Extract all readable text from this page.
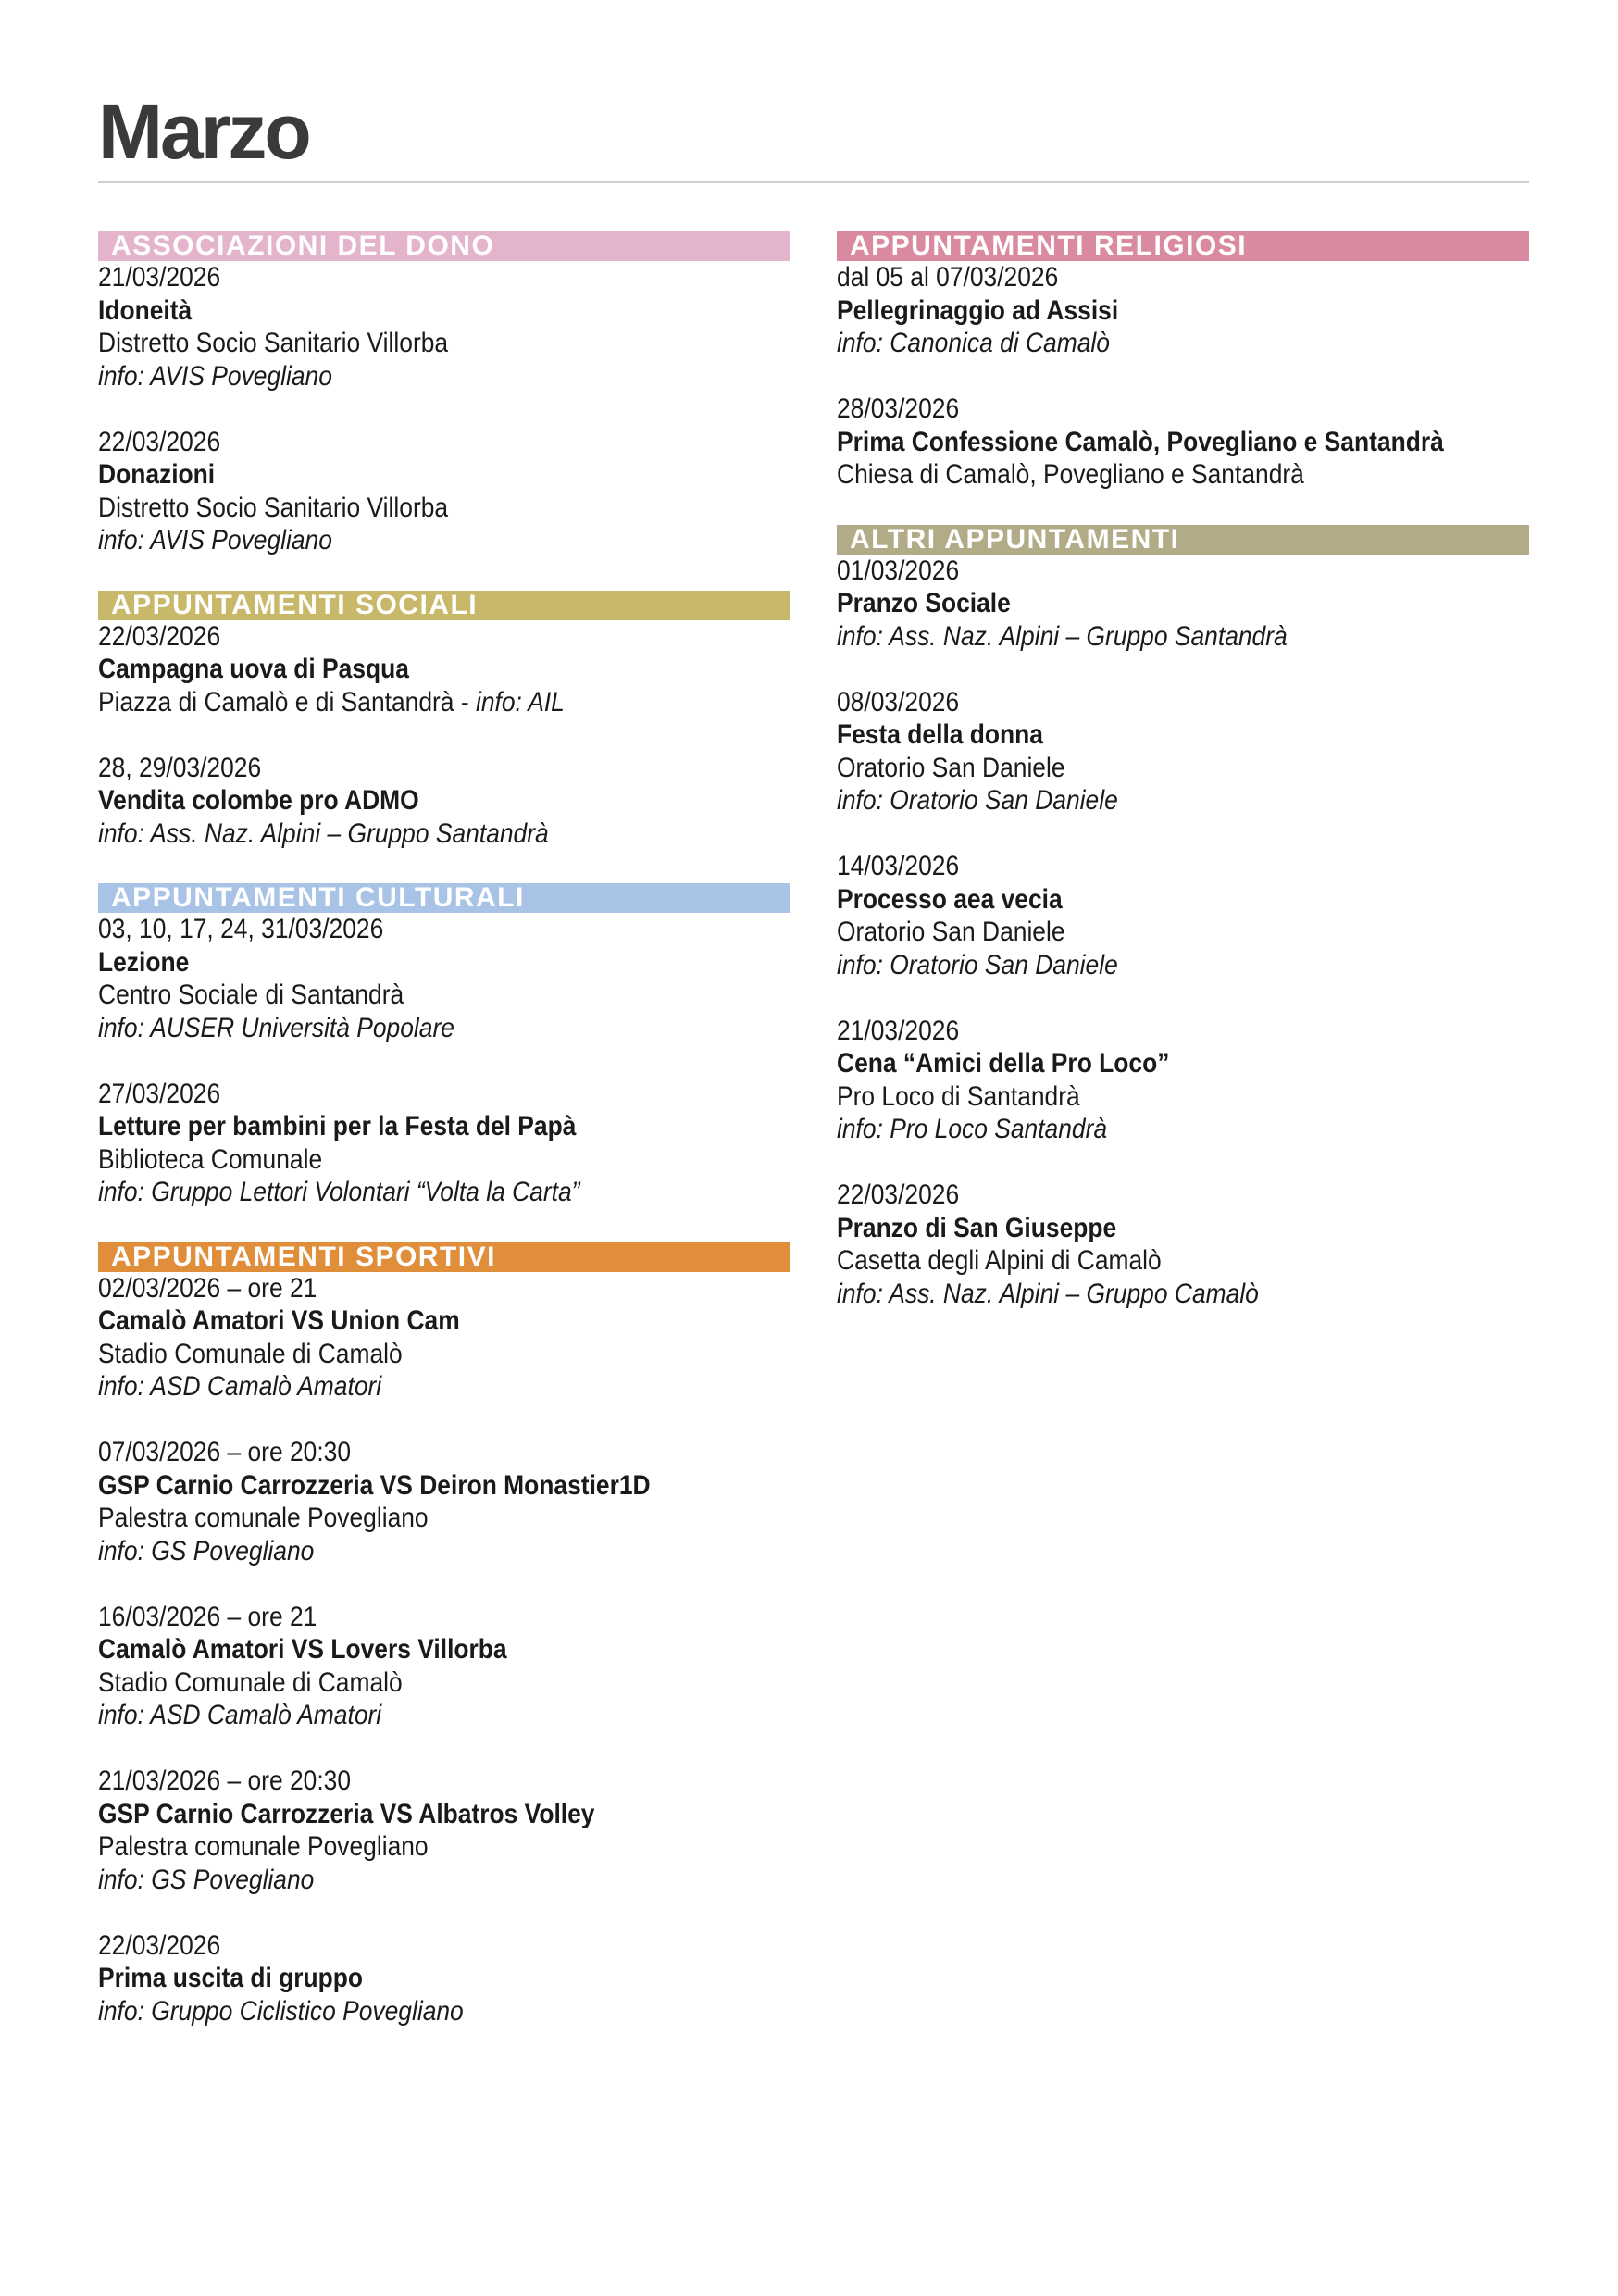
Marzo
ASSOCIAZIONI DEL DONO
21/03/2026
Idoneità
Distretto Socio Sanitario Villorba
info: AVIS Povegliano
22/03/2026
Donazioni
Distretto Socio Sanitario Villorba
info: AVIS Povegliano
APPUNTAMENTI SOCIALI
22/03/2026
Campagna uova di Pasqua
Piazza di Camalò e di Santandrà - info: AIL
28, 29/03/2026
Vendita colombe pro ADMO
info: Ass. Naz. Alpini – Gruppo Santandrà
APPUNTAMENTI CULTURALI
03, 10, 17, 24, 31/03/2026
Lezione
Centro Sociale di Santandrà
info: AUSER Università Popolare
27/03/2026
Letture per bambini per la Festa del Papà
Biblioteca Comunale
info: Gruppo Lettori Volontari “Volta la Carta”
APPUNTAMENTI SPORTIVI
02/03/2026 – ore 21
Camalò Amatori VS Union Cam
Stadio Comunale di Camalò
info: ASD Camalò Amatori
07/03/2026 – ore 20:30
GSP Carnio Carrozzeria VS Deiron Monastier1D
Palestra comunale Povegliano
info: GS Povegliano
16/03/2026 – ore 21
Camalò Amatori VS Lovers Villorba
Stadio Comunale di Camalò
info: ASD Camalò Amatori
21/03/2026 – ore 20:30
GSP Carnio Carrozzeria VS Albatros Volley
Palestra comunale Povegliano
info: GS Povegliano
22/03/2026
Prima uscita di gruppo
info: Gruppo Ciclistico Povegliano
APPUNTAMENTI RELIGIOSI
dal 05 al 07/03/2026
Pellegrinaggio ad Assisi
info: Canonica di Camalò
28/03/2026
Prima Confessione Camalò, Povegliano e Santandrà
Chiesa di Camalò, Povegliano e Santandrà
ALTRI APPUNTAMENTI
01/03/2026
Pranzo Sociale
info: Ass. Naz. Alpini – Gruppo Santandrà
08/03/2026
Festa della donna
Oratorio San Daniele
info: Oratorio San Daniele
14/03/2026
Processo aea vecia
Oratorio San Daniele
info: Oratorio San Daniele
21/03/2026
Cena “Amici della Pro Loco”
Pro Loco di Santandrà
info: Pro Loco Santandrà
22/03/2026
Pranzo di San Giuseppe
Casetta degli Alpini di Camalò
info: Ass. Naz. Alpini – Gruppo Camalò
